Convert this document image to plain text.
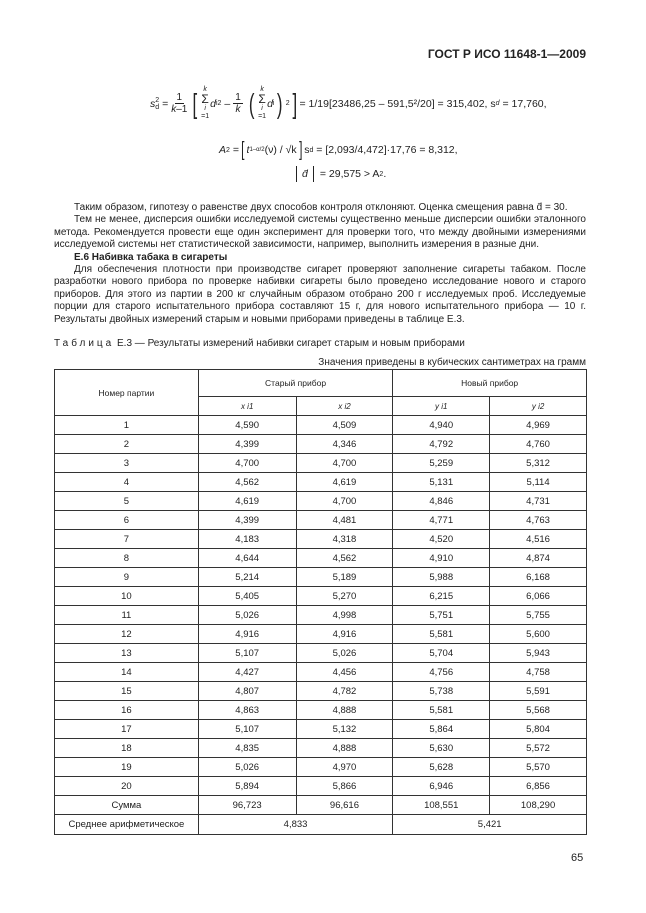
ГОСТ Р ИСО 11648-1—2009
s 2
$d = \frac{1}{k-1}$ [ k
Σ
i
=1
d i $2 - \frac{1}{k}$ ( k
Σ
i
=1
d i ) 2 ] = 1/19[23486,25 – 591,5²/20] = 315,402, s d
= 17,760,
A 2 = [ t 1–α/2 (ν) / √k ] s d
= [2,093/4,472]·17,76 = 8,312,
d̄	= 29,575 > A 2 .

Таким образом, гипотезу о равенстве двух способов контроля отклоняют. Оценка смещения равна d̄ = 30.

Тем не менее, дисперсия ошибки исследуемой системы существенно меньше дисперсии ошибки эталонного метода. Рекомендуется провести еще один эксперимент для проверки того, что между двойными измерениями исследуемой системы нет статистической зависимости, например, выполнить измерения в разные дни.

Е.6 Набивка табака в сигареты

Для обеспечения плотности при производстве сигарет проверяют заполнение сигареты табаком. После разработки нового прибора по проверке набивки сигареты было проведено исследование нового и старого приборов. Для этого из партии в 200 кг случайным образом отобрано 200 г исследуемых проб. Исследуемые порции для старого испытательного прибора составляют 15 г, для нового испытательного прибора — 10 г. Результаты двойных измерений старым и новыми приборами приведены в таблице Е.3.

Таблица Е.3 — Результаты измерений набивки сигарет старым и новым приборами
Значения приведены в кубических сантиметрах на грамм
Номер партии	Старый прибор		Новый прибор	
	x i1	x i2	y i1	y i2
1	4,590	4,509	4,940	4,969
2	4,399	4,346	4,792	4,760
3	4,700	4,700	5,259	5,312
4	4,562	4,619	5,131	5,114
5	4,619	4,700	4,846	4,731
6	4,399	4,481	4,771	4,763
7	4,183	4,318	4,520	4,516
8	4,644	4,562	4,910	4,874
9	5,214	5,189	5,988	6,168
10	5,405	5,270	6,215	6,066
11	5,026	4,998	5,751	5,755
12	4,916	4,916	5,581	5,600
13	5,107	5,026	5,704	5,943
14	4,427	4,456	4,756	4,758
15	4,807	4,782	5,738	5,591
16	4,863	4,888	5,581	5,568
17	5,107	5,132	5,864	5,804
18	4,835	4,888	5,630	5,572
19	5,026	4,970	5,628	5,570
20	5,894	5,866	6,946	6,856
Сумма	96,723	96,616	108,551	108,290
Среднее арифметическое	4,833		5,421	
65
